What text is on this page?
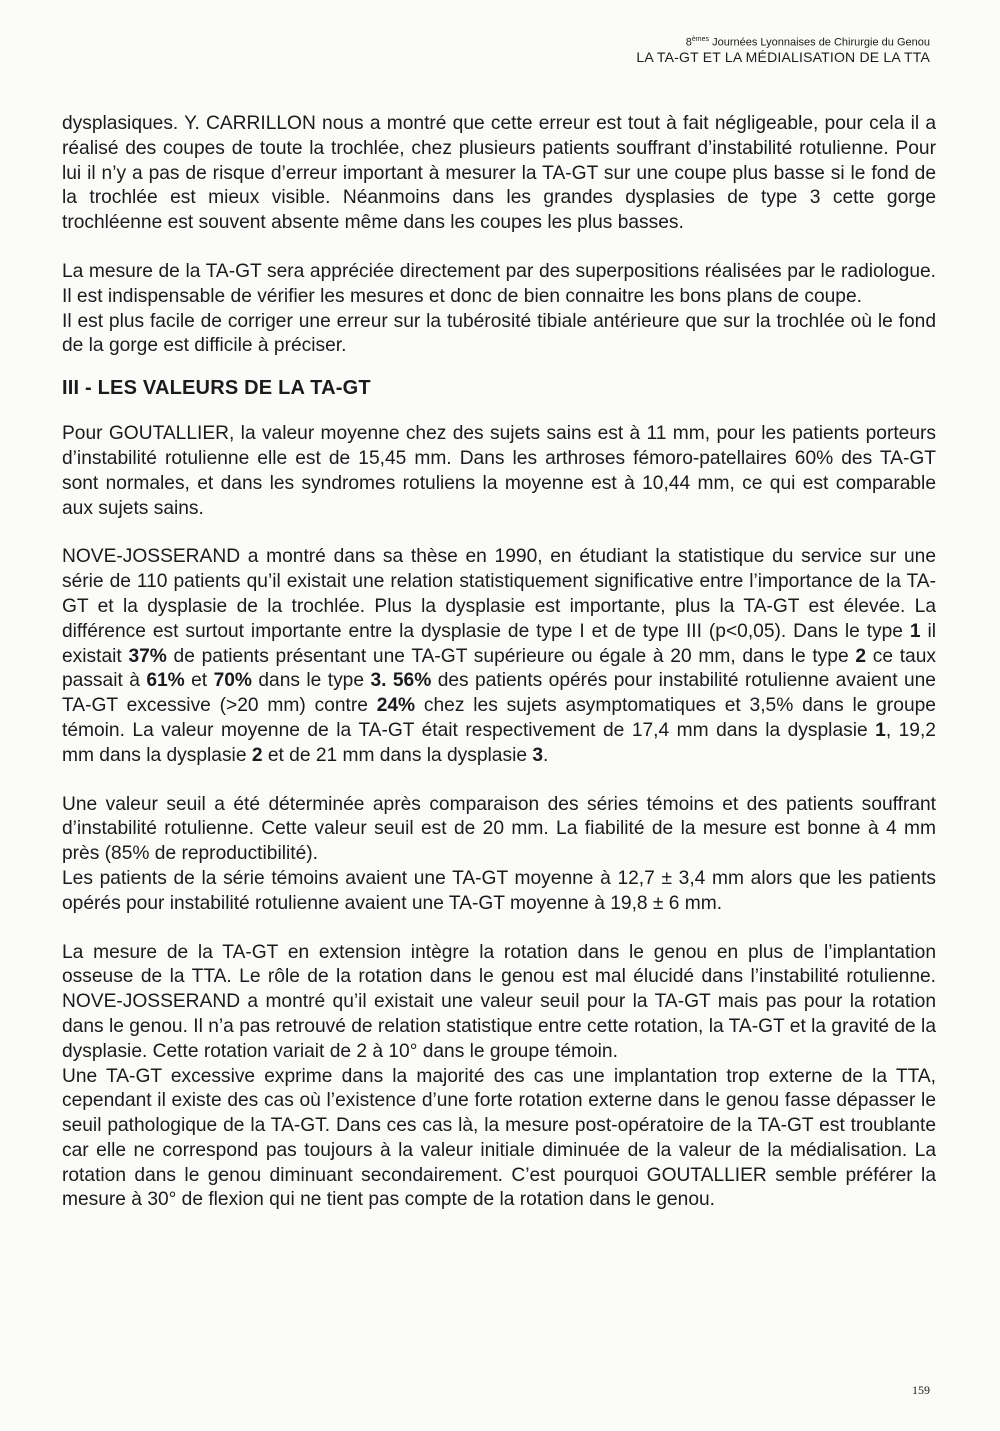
8èmes Journées Lyonnaises de Chirurgie du Genou
LA TA-GT ET LA MÉDIALISATION DE LA TTA

dysplasiques. Y. CARRILLON nous a montré que cette erreur est tout à fait négligeable, pour cela il a réalisé des coupes de toute la trochlée, chez plusieurs patients souffrant d’instabilité rotulienne. Pour lui il n’y a pas de risque d’erreur important à mesurer la TA-GT sur une coupe plus basse si le fond de la trochlée est mieux visible. Néanmoins dans les grandes dysplasies de type 3 cette gorge trochléenne est souvent absente même dans les coupes les plus basses.

La mesure de la TA-GT sera appréciée directement par des superpositions réalisées par le radiologue. Il est indispensable de vérifier les mesures et donc de bien connaitre les bons plans de coupe.

Il est plus facile de corriger une erreur sur la tubérosité tibiale antérieure que sur la trochlée où le fond de la gorge est difficile à préciser.

III - LES VALEURS DE LA TA-GT

Pour GOUTALLIER, la valeur moyenne chez des sujets sains est à 11 mm, pour les patients porteurs d’instabilité rotulienne elle est de 15,45 mm. Dans les arthroses fémoro-patellaires 60% des TA-GT sont normales, et dans les syndromes rotuliens la moyenne est à 10,44 mm, ce qui est comparable aux sujets sains.

NOVE-JOSSERAND a montré dans sa thèse en 1990, en étudiant la statistique du service sur une série de 110 patients qu’il existait une relation statistiquement significative entre l’importance de la TA-GT et la dysplasie de la trochlée. Plus la dysplasie est importante, plus la TA-GT est élevée. La différence est surtout importante entre la dysplasie de type I et de type III (p<0,05). Dans le type 1 il existait 37% de patients présentant une TA-GT supérieure ou égale à 20 mm, dans le type 2 ce taux passait à 61% et 70% dans le type 3. 56% des patients opérés pour instabilité rotulienne avaient une TA-GT excessive (>20 mm) contre 24% chez les sujets asymptomatiques et 3,5% dans le groupe témoin. La valeur moyenne de la TA-GT était respectivement de 17,4 mm dans la dysplasie 1, 19,2 mm dans la dysplasie 2 et de 21 mm dans la dysplasie 3.

Une valeur seuil a été déterminée après comparaison des séries témoins et des patients souffrant d’instabilité rotulienne. Cette valeur seuil est de 20 mm. La fiabilité de la mesure est bonne à 4 mm près (85% de reproductibilité).

Les patients de la série témoins avaient une TA-GT moyenne à 12,7 ± 3,4 mm alors que les patients opérés pour instabilité rotulienne avaient une TA-GT moyenne à 19,8 ± 6 mm.

La mesure de la TA-GT en extension intègre la rotation dans le genou en plus de l’implantation osseuse de la TTA. Le rôle de la rotation dans le genou est mal élucidé dans l’instabilité rotulienne. NOVE-JOSSERAND a montré qu’il existait une valeur seuil pour la TA-GT mais pas pour la rotation dans le genou. Il n’a pas retrouvé de relation statistique entre cette rotation, la TA-GT et la gravité de la dysplasie. Cette rotation variait de 2 à 10° dans le groupe témoin.

Une TA-GT excessive exprime dans la majorité des cas une implantation trop externe de la TTA, cependant il existe des cas où l’existence d’une forte rotation externe dans le genou fasse dépasser le seuil pathologique de la TA-GT. Dans ces cas là, la mesure post-opératoire de la TA-GT est troublante car elle ne correspond pas toujours à la valeur initiale diminuée de la valeur de la médialisation. La rotation dans le genou diminuant secondairement. C’est pourquoi GOUTALLIER semble préférer la mesure à 30° de flexion qui ne tient pas compte de la rotation dans le genou.

159
